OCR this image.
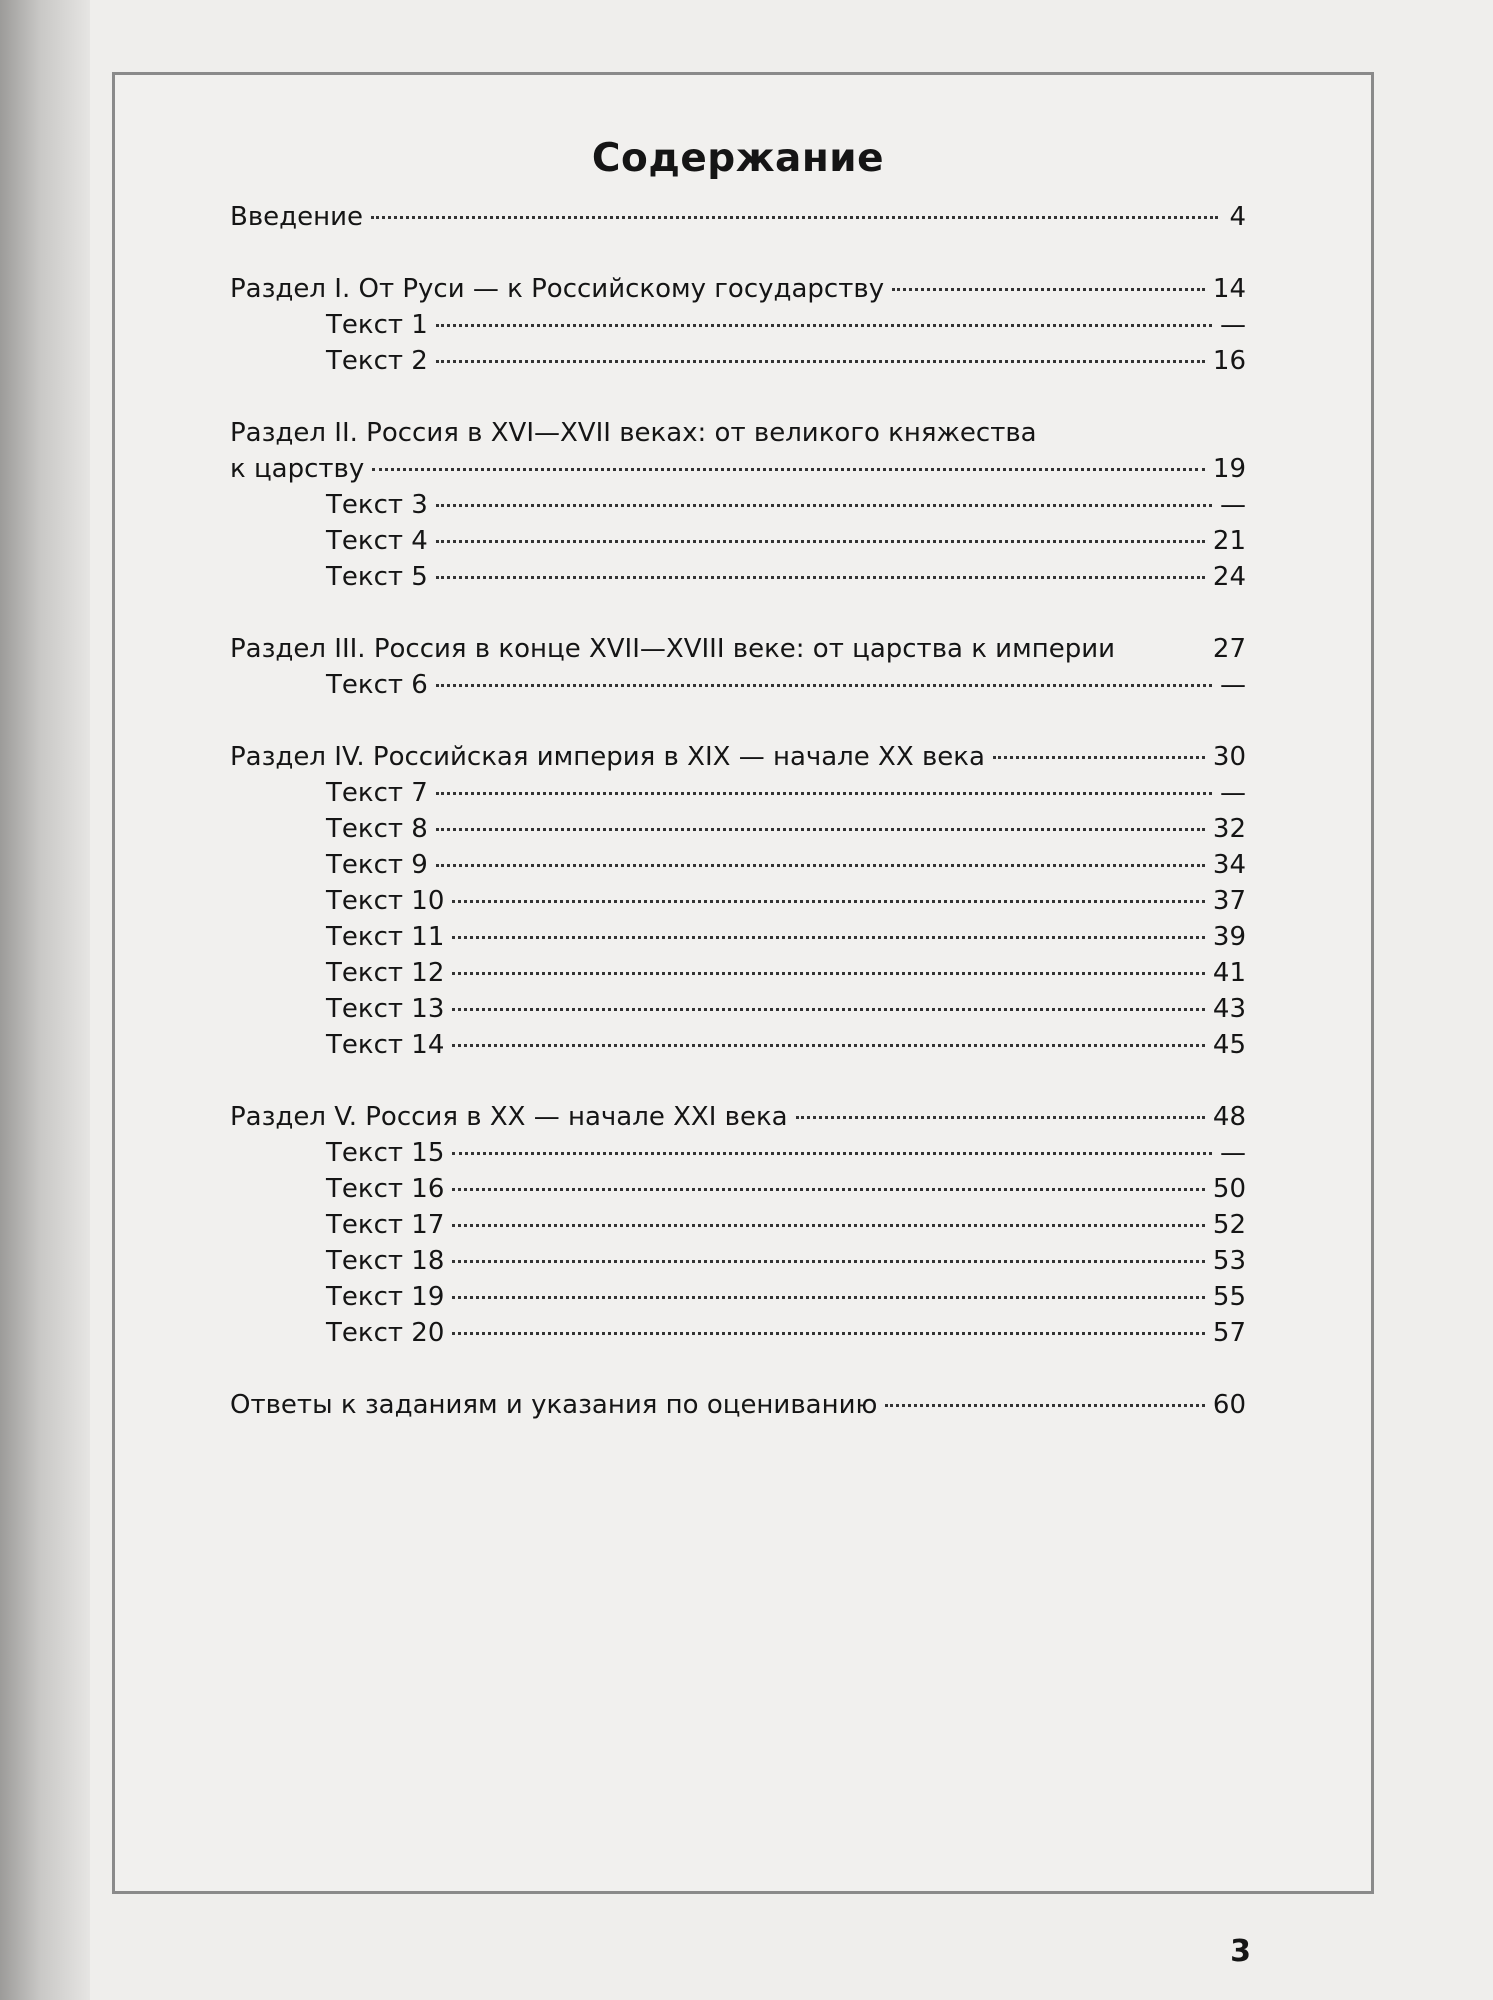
Содержание
Введение	4
Раздел I. От Руси — к Российскому государству	14
Текст 1	—
Текст 2	16
Раздел II. Россия в XVI—XVII веках: от великого княжества
к царству	19
Текст 3	—
Текст 4	21
Текст 5	24
Раздел III. Россия в конце XVII—XVIII веке: от царства к империи	27
Текст 6	—
Раздел IV. Российская империя в XIX — начале XX века	30
Текст 7	—
Текст 8	32
Текст 9	34
Текст 10	37
Текст 11	39
Текст 12	41
Текст 13	43
Текст 14	45
Раздел V. Россия в XX — начале XXI века	48
Текст 15	—
Текст 16	50
Текст 17	52
Текст 18	53
Текст 19	55
Текст 20	57
Ответы к заданиям и указания по оцениванию	60
3
